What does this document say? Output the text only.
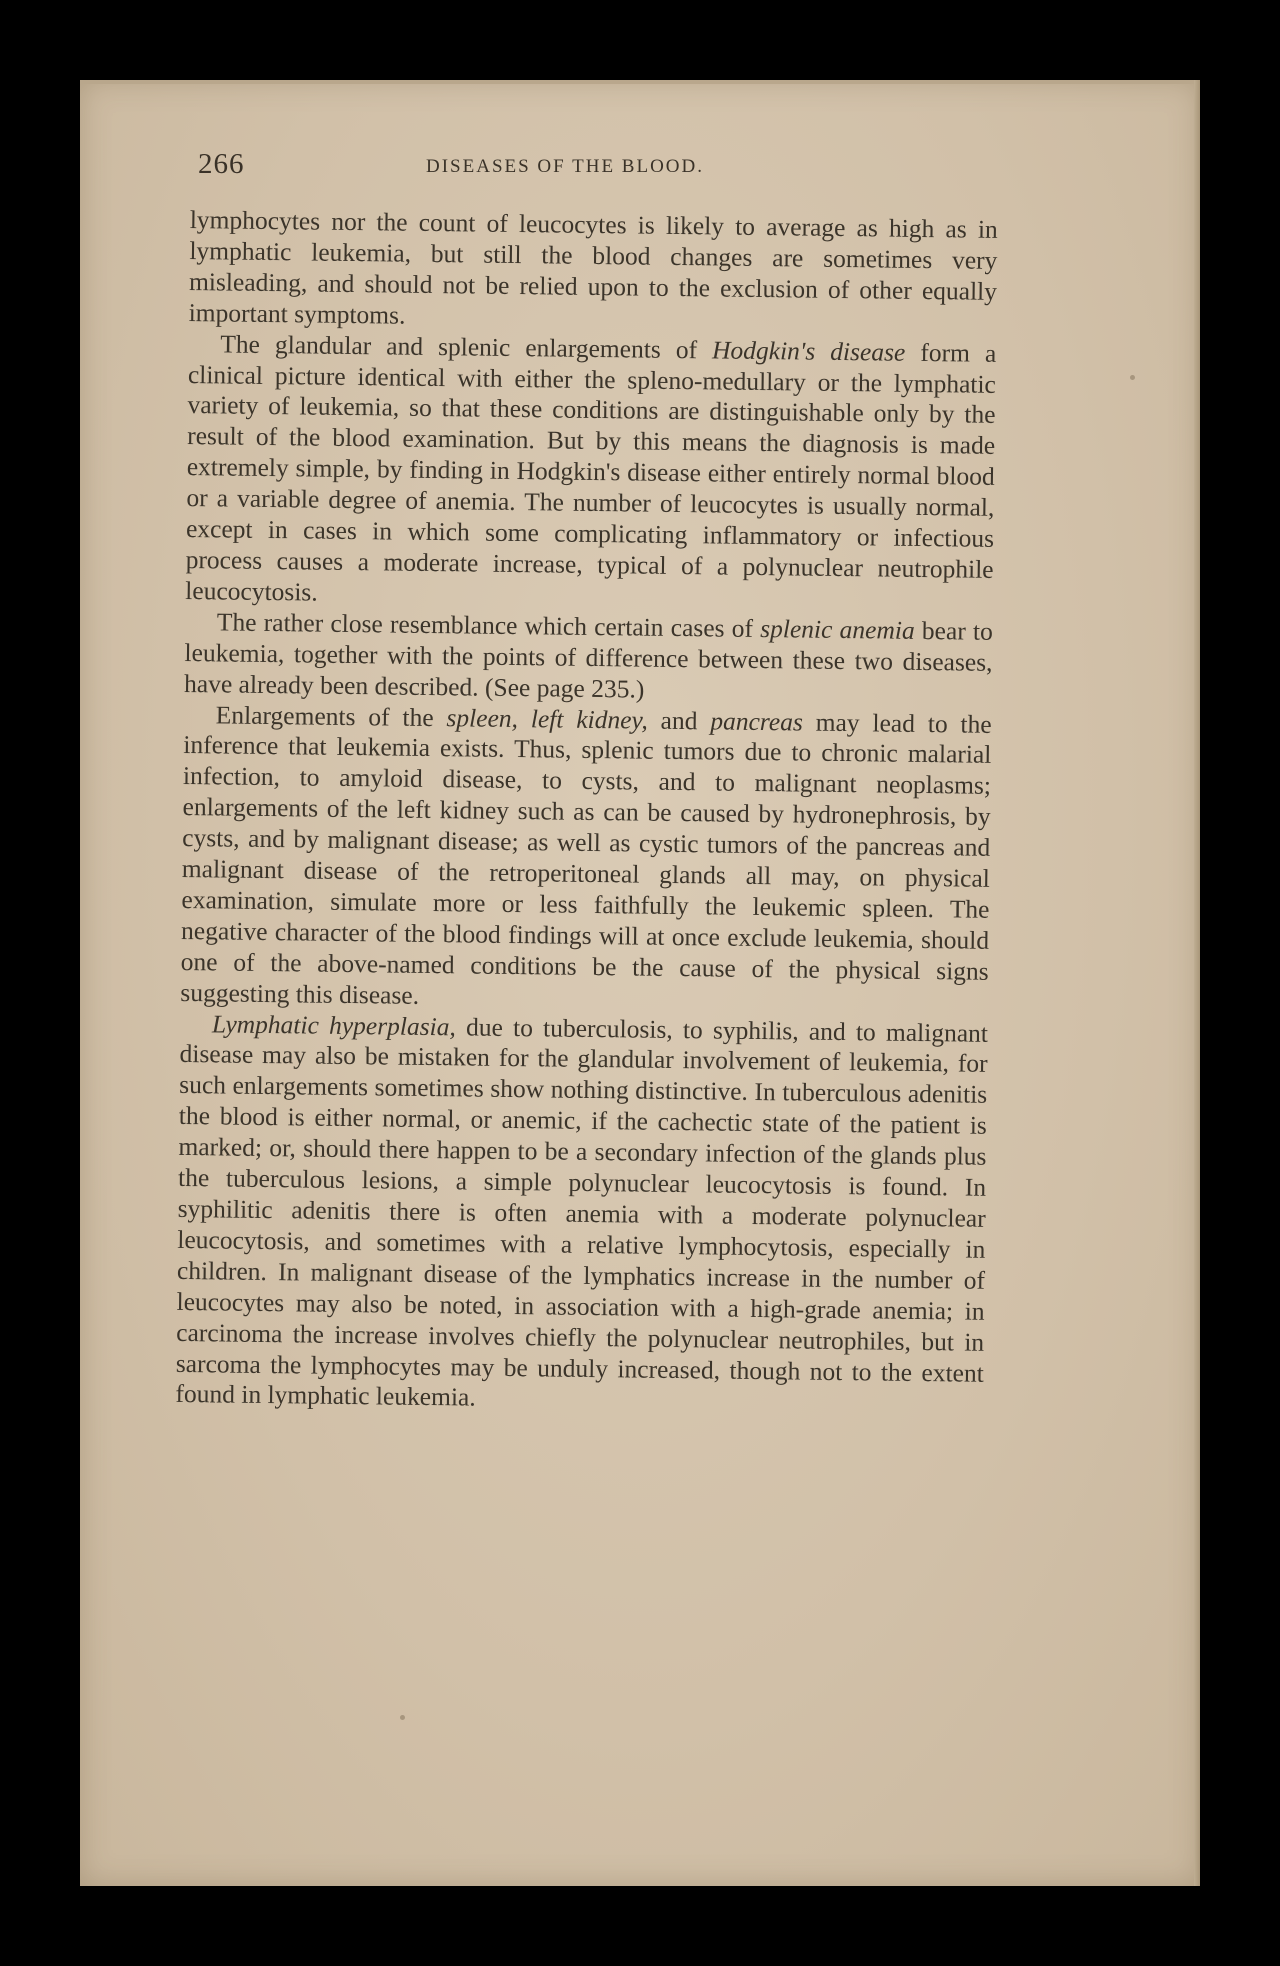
266	DISEASES OF THE BLOOD.

lymphocytes nor the count of leucocytes is likely to average as high as in lymphatic leukemia, but still the blood changes are sometimes very misleading, and should not be relied upon to the exclusion of other equally important symptoms.

The glandular and splenic enlargements of Hodgkin's disease form a clinical picture identical with either the spleno-medullary or the lymphatic variety of leukemia, so that these conditions are distinguishable only by the result of the blood examination. But by this means the diagnosis is made extremely simple, by finding in Hodgkin's disease either entirely normal blood or a variable degree of anemia. The number of leucocytes is usually normal, except in cases in which some complicating inflammatory or infectious process causes a moderate increase, typical of a polynuclear neutrophile leucocytosis.

The rather close resemblance which certain cases of splenic anemia bear to leukemia, together with the points of difference between these two diseases, have already been described. (See page 235.)

Enlargements of the spleen, left kidney, and pancreas may lead to the inference that leukemia exists. Thus, splenic tumors due to chronic malarial infection, to amyloid disease, to cysts, and to malignant neoplasms; enlargements of the left kidney such as can be caused by hydronephrosis, by cysts, and by malignant disease; as well as cystic tumors of the pancreas and malignant disease of the retroperitoneal glands all may, on physical examination, simulate more or less faithfully the leukemic spleen. The negative character of the blood findings will at once exclude leukemia, should one of the above-named conditions be the cause of the physical signs suggesting this disease.

Lymphatic hyperplasia, due to tuberculosis, to syphilis, and to malignant disease may also be mistaken for the glandular involvement of leukemia, for such enlargements sometimes show nothing distinctive. In tuberculous adenitis the blood is either normal, or anemic, if the cachectic state of the patient is marked; or, should there happen to be a secondary infection of the glands plus the tuberculous lesions, a simple polynuclear leucocytosis is found. In syphilitic adenitis there is often anemia with a moderate polynuclear leucocytosis, and sometimes with a relative lymphocytosis, especially in children. In malignant disease of the lymphatics increase in the number of leucocytes may also be noted, in association with a high-grade anemia; in carcinoma the increase involves chiefly the polynuclear neutrophiles, but in sarcoma the lymphocytes may be unduly increased, though not to the extent found in lymphatic leukemia.
